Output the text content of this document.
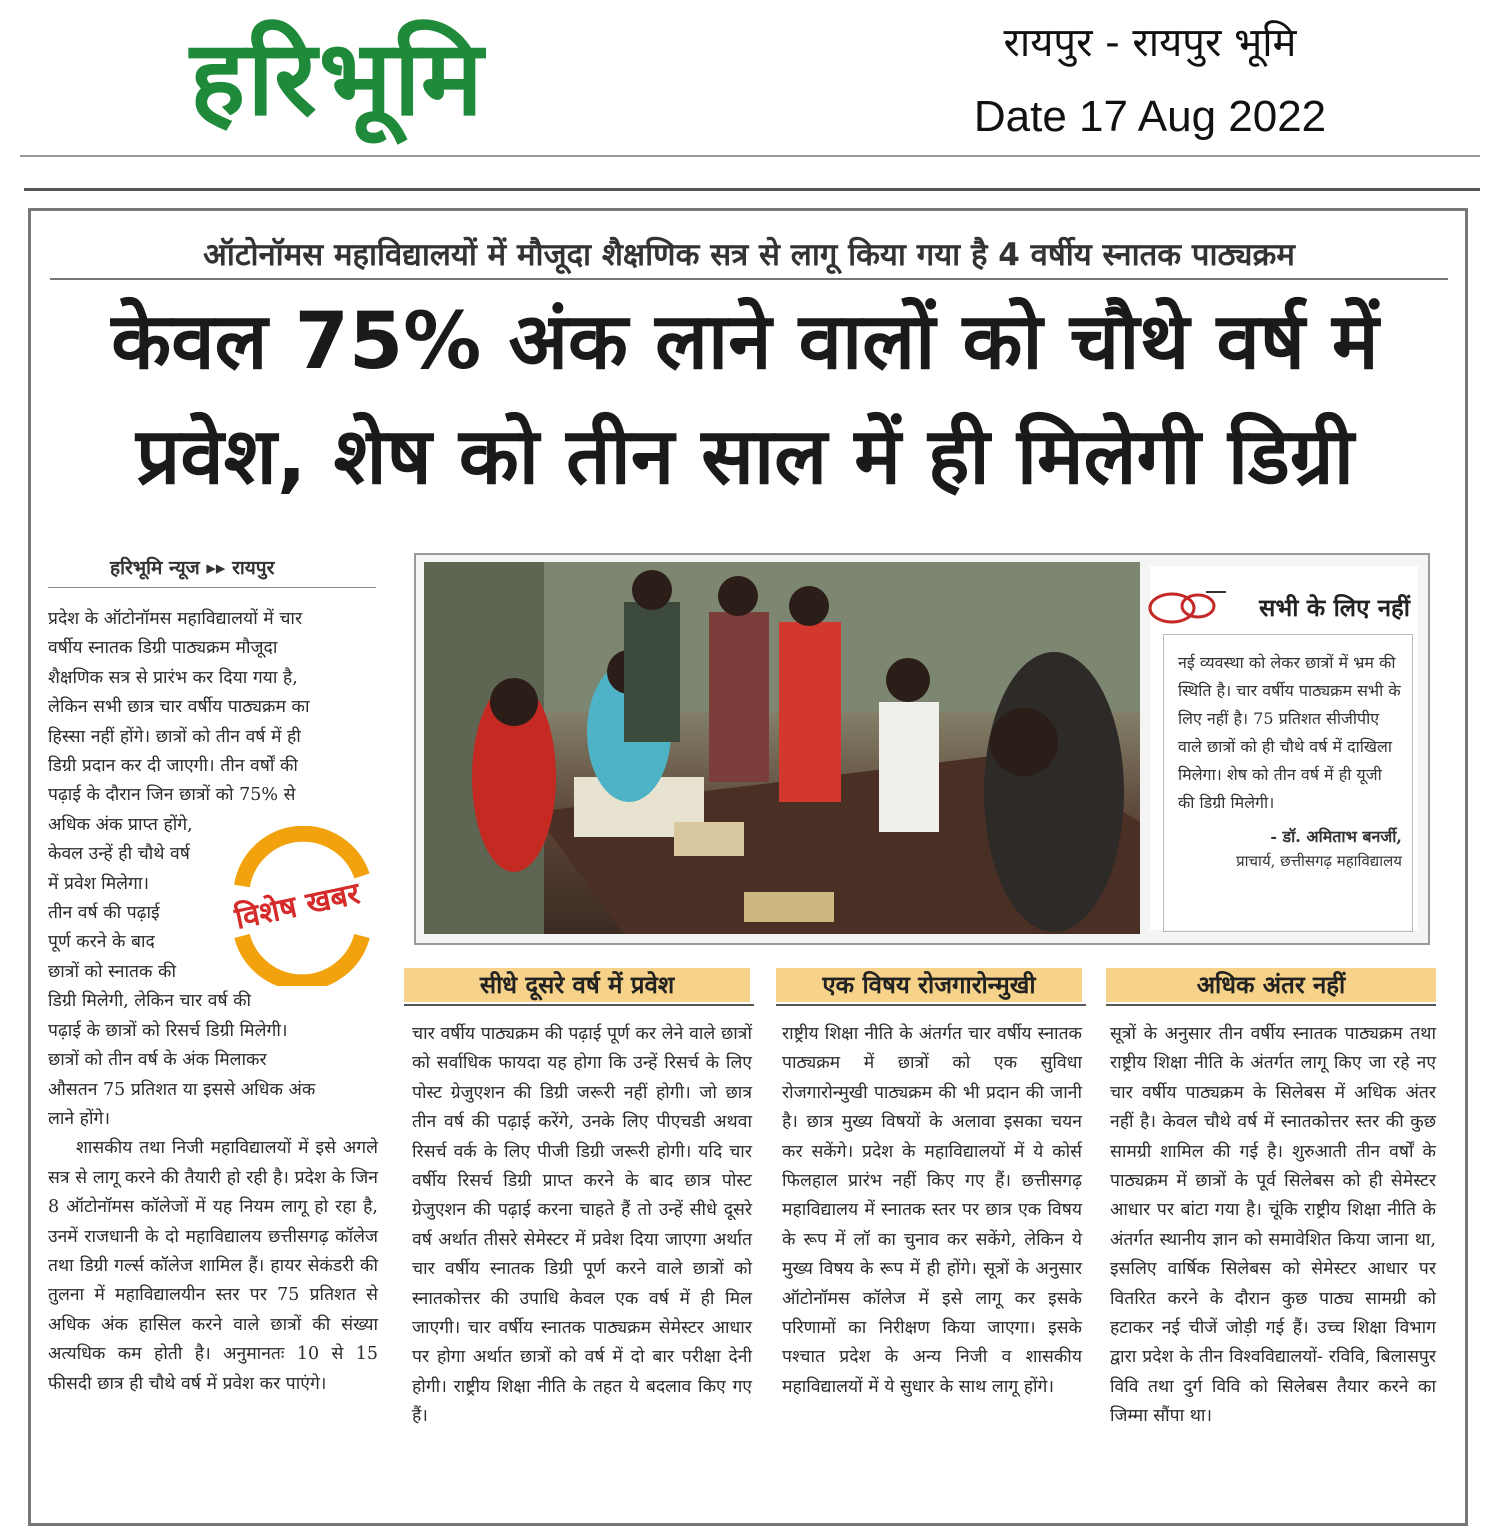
हरिभूमि	रायपुर - रायपुर भूमि
Date 17 Aug 2022
ऑटोनॉमस महाविद्यालयों में मौजूदा शैक्षणिक सत्र से लागू किया गया है 4 वर्षीय स्नातक पाठ्यक्रम
केवल 75% अंक लाने वालों को चौथे वर्ष में
प्रवेश, शेष को तीन साल में ही मिलेगी डिग्री
हरिभूमि न्यूज ▸▸ रायपुर
प्रदेश के ऑटोनॉमस महाविद्यालयों में चार
वर्षीय स्नातक डिग्री पाठ्यक्रम मौजूदा
शैक्षणिक सत्र से प्रारंभ कर दिया गया है,
लेकिन सभी छात्र चार वर्षीय पाठ्यक्रम का
हिस्सा नहीं होंगे। छात्रों को तीन वर्ष में ही
डिग्री प्रदान कर दी जाएगी। तीन वर्षों की
पढ़ाई के दौरान जिन छात्रों को 75% से
अधिक अंक प्राप्त होंगे,
केवल उन्हें ही चौथे वर्ष
में प्रवेश मिलेगा।
तीन वर्ष की पढ़ाई
पूर्ण करने के बाद
छात्रों को स्नातक की
डिग्री मिलेगी, लेकिन चार वर्ष की
पढ़ाई के छात्रों को रिसर्च डिग्री मिलेगी।
छात्रों को तीन वर्ष के अंक मिलाकर
औसतन 75 प्रतिशत या इससे अधिक अंक
लाने होंगे।
शासकीय तथा निजी महाविद्यालयों में इसे अगले सत्र से लागू करने की तैयारी हो रही है। प्रदेश के जिन 8 ऑटोनॉमस कॉलेजों में यह नियम लागू हो रहा है, उनमें राजधानी के दो महाविद्यालय छत्तीसगढ़ कॉलेज तथा डिग्री गर्ल्स कॉलेज शामिल हैं। हायर सेकंडरी की तुलना में महाविद्यालयीन स्तर पर 75 प्रतिशत से अधिक अंक हासिल करने वाले छात्रों की संख्या अत्यधिक कम होती है। अनुमानतः 10 से 15 फीसदी छात्र ही चौथे वर्ष में प्रवेश कर पाएंगे।
विशेष खबर
सभी के लिए नहीं
नई व्यवस्था को लेकर छात्रों में भ्रम की स्थिति है। चार वर्षीय पाठ्यक्रम सभी के लिए नहीं है। 75 प्रतिशत सीजीपीए वाले छात्रों को ही चौथे वर्ष में दाखिला मिलेगा। शेष को तीन वर्ष में ही यूजी की डिग्री मिलेगी।
- डॉ. अमिताभ बनर्जी,
प्राचार्य, छत्तीसगढ़ महाविद्यालय
सीधे दूसरे वर्ष में प्रवेश
चार वर्षीय पाठ्यक्रम की पढ़ाई पूर्ण कर लेने वाले छात्रों को सर्वाधिक फायदा यह होगा कि उन्हें रिसर्च के लिए पोस्ट ग्रेजुएशन की डिग्री जरूरी नहीं होगी। जो छात्र तीन वर्ष की पढ़ाई करेंगे, उनके लिए पीएचडी अथवा रिसर्च वर्क के लिए पीजी डिग्री जरूरी होगी। यदि चार वर्षीय रिसर्च डिग्री प्राप्त करने के बाद छात्र पोस्ट ग्रेजुएशन की पढ़ाई करना चाहते हैं तो उन्हें सीधे दूसरे वर्ष अर्थात तीसरे सेमेस्टर में प्रवेश दिया जाएगा अर्थात चार वर्षीय स्नातक डिग्री पूर्ण करने वाले छात्रों को स्नातकोत्तर की उपाधि केवल एक वर्ष में ही मिल जाएगी। चार वर्षीय स्नातक पाठ्यक्रम सेमेस्टर आधार पर होगा अर्थात छात्रों को वर्ष में दो बार परीक्षा देनी होगी। राष्ट्रीय शिक्षा नीति के तहत ये बदलाव किए गए हैं।
एक विषय रोजगारोन्मुखी
राष्ट्रीय शिक्षा नीति के अंतर्गत चार वर्षीय स्नातक पाठ्यक्रम में छात्रों को एक सुविधा रोजगारोन्मुखी पाठ्यक्रम की भी प्रदान की जानी है। छात्र मुख्य विषयों के अलावा इसका चयन कर सकेंगे। प्रदेश के महाविद्यालयों में ये कोर्स फिलहाल प्रारंभ नहीं किए गए हैं। छत्तीसगढ़ महाविद्यालय में स्नातक स्तर पर छात्र एक विषय के रूप में लॉ का चुनाव कर सकेंगे, लेकिन ये मुख्य विषय के रूप में ही होंगे। सूत्रों के अनुसार ऑटोनॉमस कॉलेज में इसे लागू कर इसके परिणामों का निरीक्षण किया जाएगा। इसके पश्चात प्रदेश के अन्य निजी व शासकीय महाविद्यालयों में ये सुधार के साथ लागू होंगे।
अधिक अंतर नहीं
सूत्रों के अनुसार तीन वर्षीय स्नातक पाठ्यक्रम तथा राष्ट्रीय शिक्षा नीति के अंतर्गत लागू किए जा रहे नए चार वर्षीय पाठ्यक्रम के सिलेबस में अधिक अंतर नहीं है। केवल चौथे वर्ष में स्नातकोत्तर स्तर की कुछ सामग्री शामिल की गई है। शुरुआती तीन वर्षों के पाठ्यक्रम में छात्रों के पूर्व सिलेबस को ही सेमेस्टर आधार पर बांटा गया है। चूंकि राष्ट्रीय शिक्षा नीति के अंतर्गत स्थानीय ज्ञान को समावेशित किया जाना था, इसलिए वार्षिक सिलेबस को सेमेस्टर आधार पर वितरित करने के दौरान कुछ पाठ्य सामग्री को हटाकर नई चीजें जोड़ी गई हैं। उच्च शिक्षा विभाग द्वारा प्रदेश के तीन विश्वविद्यालयों- रविवि, बिलासपुर विवि तथा दुर्ग विवि को सिलेबस तैयार करने का जिम्मा सौंपा था।
